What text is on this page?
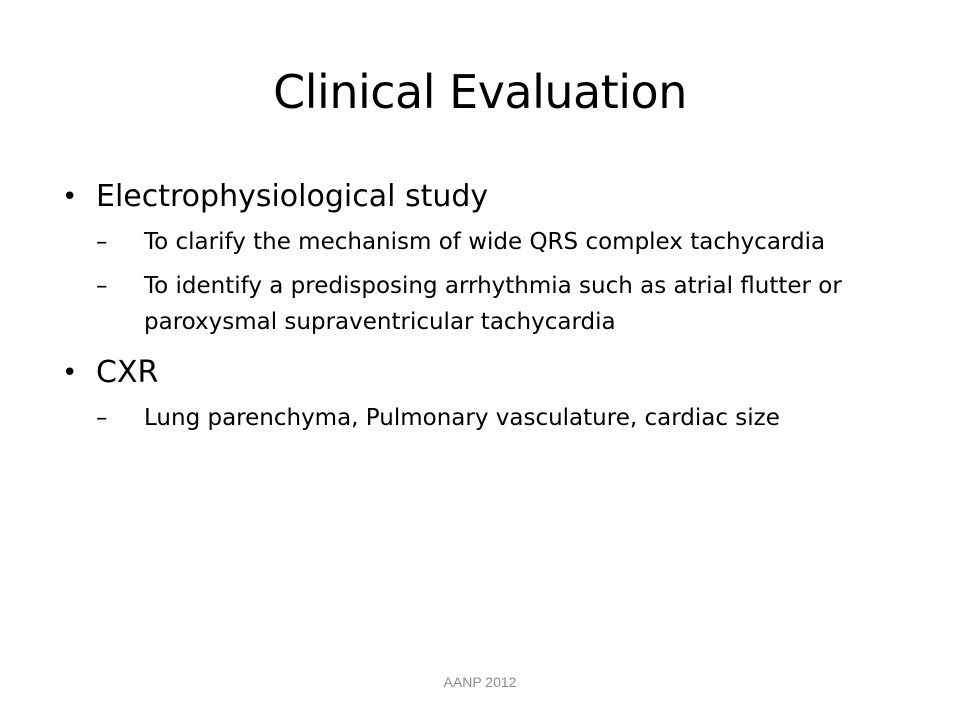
Clinical Evaluation
• Electrophysiological study
– To clarify the mechanism of wide QRS complex tachycardia
– To identify a predisposing arrhythmia such as atrial flutter or paroxysmal supraventricular tachycardia
• CXR
– Lung parenchyma, Pulmonary vasculature, cardiac size
AANP 2012
